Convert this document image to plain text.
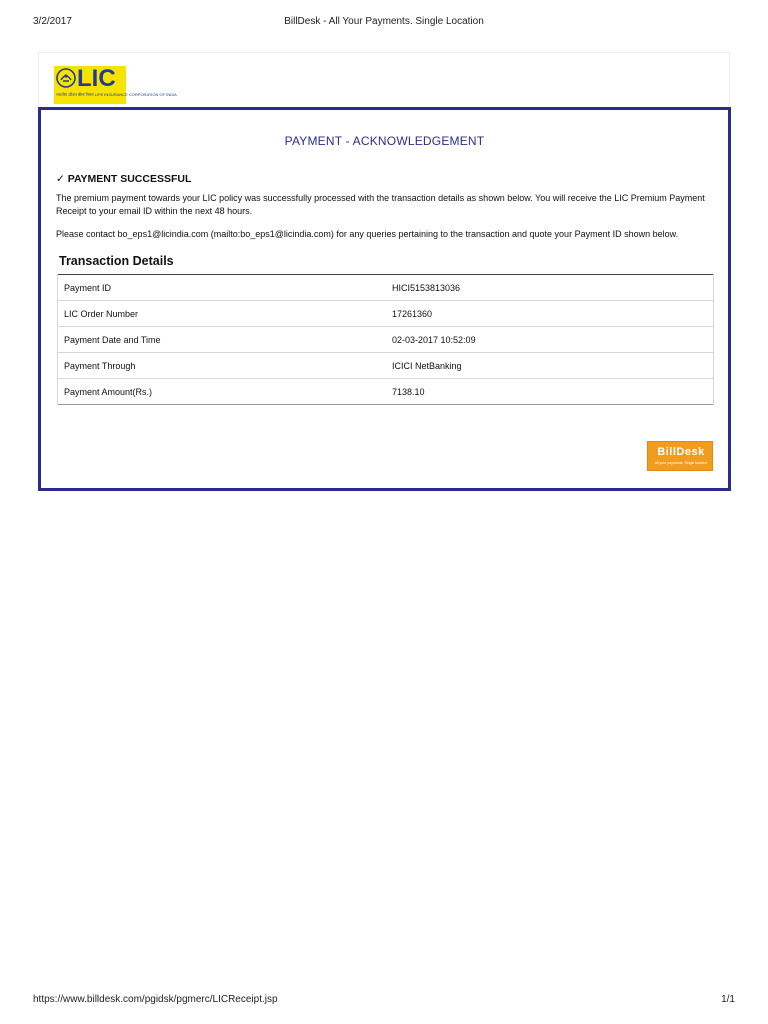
3/2/2017	BillDesk - All Your Payments. Single Location
LIC
भारतीय जीवन बीमा निगम LIFE INSURANCE CORPORATION OF INDIA
PAYMENT - ACKNOWLEDGEMENT
✓ PAYMENT SUCCESSFUL
The premium payment towards your LIC policy was successfully processed with the transaction details as shown below. You will receive the LIC Premium Payment Receipt to your email ID within the next 48 hours.
Please contact bo_eps1@licindia.com (mailto:bo_eps1@licindia.com) for any queries pertaining to the transaction and quote your Payment ID shown below.
Transaction Details
Payment ID	HICI5153813036
LIC Order Number	17261360
Payment Date and Time	02-03-2017 10:52:09
Payment Through	ICICI NetBanking
Payment Amount(Rs.)	7138.10
BillDesk
All your payments. Single location
https://www.billdesk.com/pgidsk/pgmerc/LICReceipt.jsp	1/1
